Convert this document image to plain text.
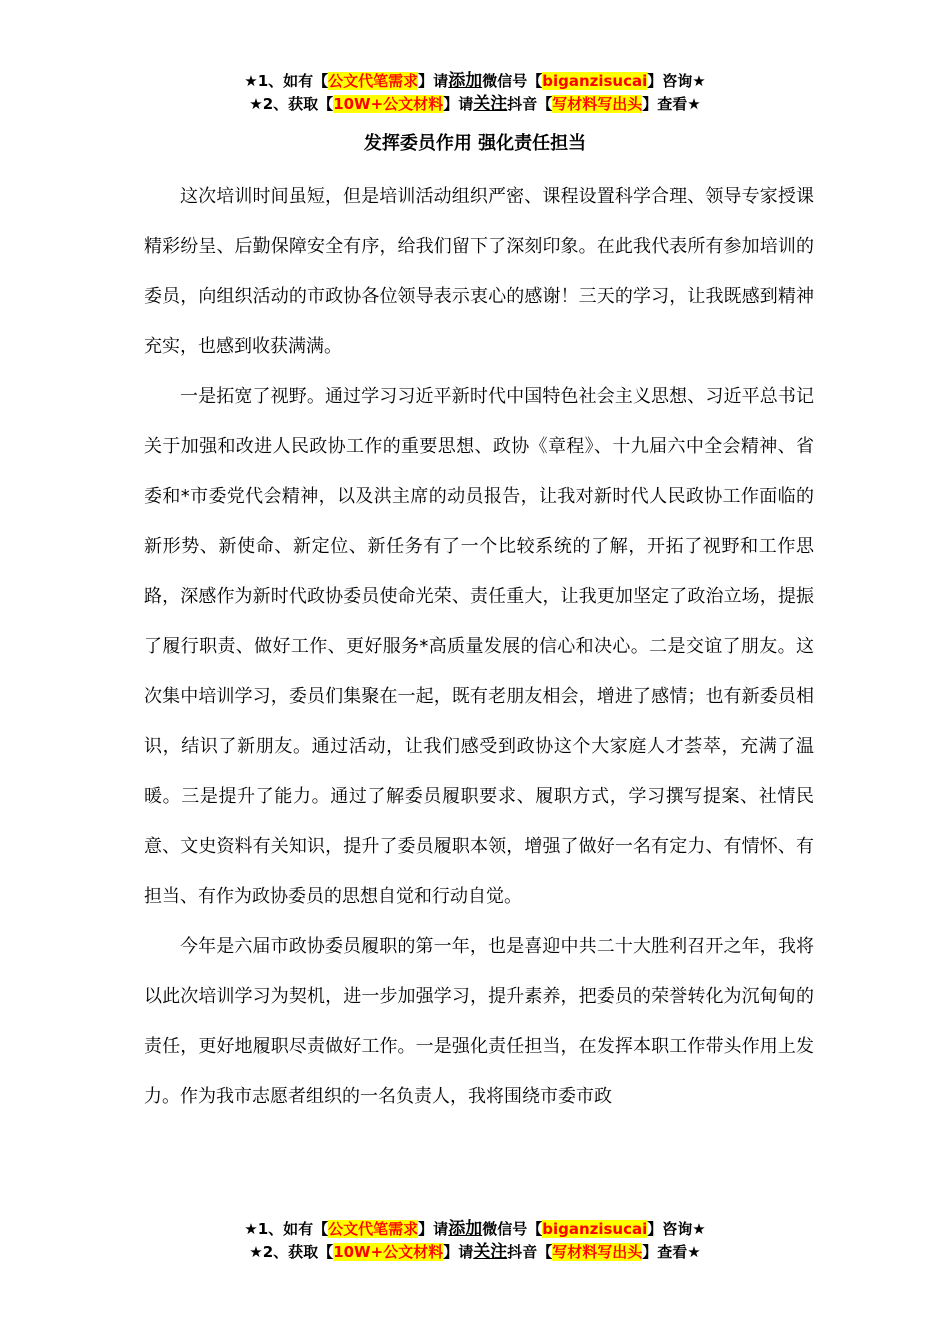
★1、如有【公文代笔需求】请添加微信号【biganzisucai】咨询★
★2、获取【10W+公文材料】请关注抖音【写材料写出头】查看★
发挥委员作用 强化责任担当

这次培训时间虽短，但是培训活动组织严密、课程设置科学合理、领导专家授课精彩纷呈、后勤保障安全有序，给我们留下了深刻印象。在此我代表所有参加培训的委员，向组织活动的市政协各位领导表示衷心的感谢！三天的学习，让我既感到精神充实，也感到收获满满。

一是拓宽了视野。通过学习习近平新时代中国特色社会主义思想、习近平总书记关于加强和改进人民政协工作的重要思想、政协《章程》、十九届六中全会精神、省委和*市委党代会精神，以及洪主席的动员报告，让我对新时代人民政协工作面临的新形势、新使命、新定位、新任务有了一个比较系统的了解，开拓了视野和工作思路，深感作为新时代政协委员使命光荣、责任重大，让我更加坚定了政治立场，提振了履行职责、做好工作、更好服务*高质量发展的信心和决心。二是交谊了朋友。这次集中培训学习，委员们集聚在一起，既有老朋友相会，增进了感情；也有新委员相识，结识了新朋友。通过活动，让我们感受到政协这个大家庭人才荟萃，充满了温暖。三是提升了能力。通过了解委员履职要求、履职方式，学习撰写提案、社情民意、文史资料有关知识，提升了委员履职本领，增强了做好一名有定力、有情怀、有担当、有作为政协委员的思想自觉和行动自觉。

今年是六届市政协委员履职的第一年，也是喜迎中共二十大胜利召开之年，我将以此次培训学习为契机，进一步加强学习，提升素养，把委员的荣誉转化为沉甸甸的责任，更好地履职尽责做好工作。一是强化责任担当，在发挥本职工作带头作用上发力。作为我市志愿者组织的一名负责人，我将围绕市委市政

★1、如有【公文代笔需求】请添加微信号【biganzisucai】咨询★
★2、获取【10W+公文材料】请关注抖音【写材料写出头】查看★
